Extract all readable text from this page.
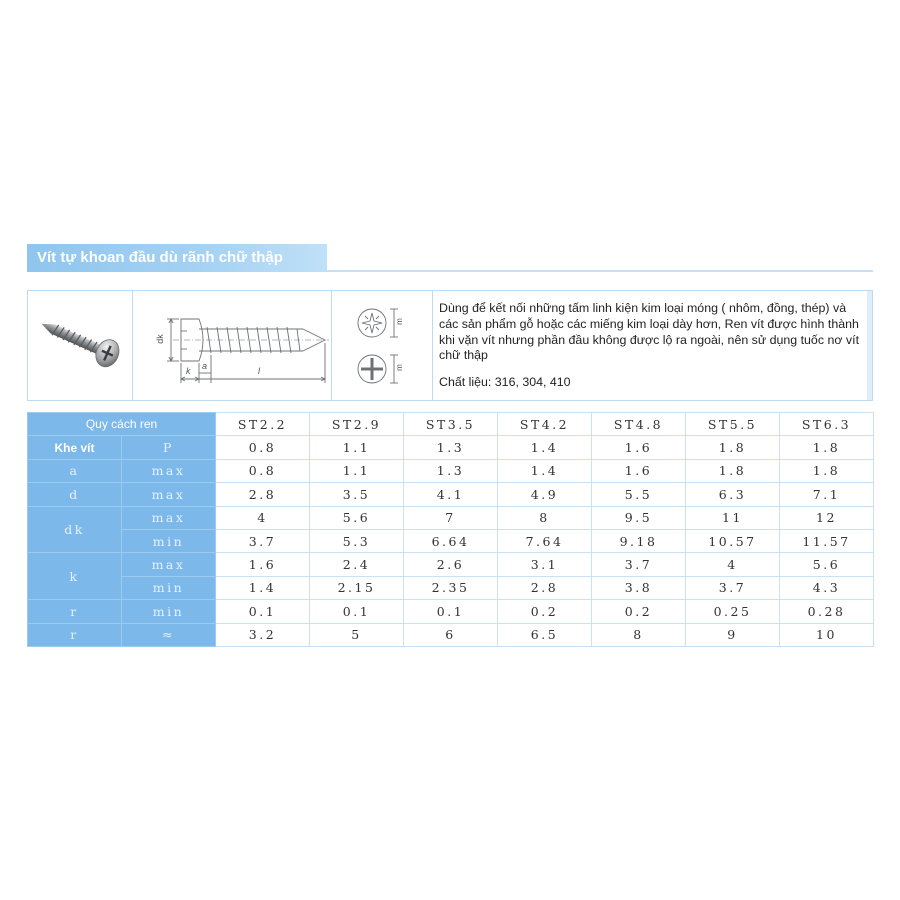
Vít tự khoan đầu dù rãnh chữ thập
dk
k a	l
m
m
Dùng để kết nối những tấm linh kiện kim loại móng ( nhôm, đồng, thép) và các sản phẩm gỗ hoặc các miếng kim loại dày hơn, Ren vít được hình thành khi vặn vít nhưng phần đầu không được lộ ra ngoài, nên sử dụng tuốc nơ vít chữ thập
Chất liệu: 316, 304, 410
Quy cách ren		ST2.2	ST2.9	ST3.5	ST4.2	ST4.8	ST5.5	ST6.3
Khe vít	P	0.8	1.1	1.3	1.4	1.6	1.8	1.8
a	max	0.8	1.1	1.3	1.4	1.6	1.8	1.8
d	max	2.8	3.5	4.1	4.9	5.5	6.3	7.1
dk	max	4	5.6	7	8	9.5	11	12
	min	3.7	5.3	6.64	7.64	9.18	10.57	11.57
k	max	1.6	2.4	2.6	3.1	3.7	4	5.6
	min	1.4	2.15	2.35	2.8	3.8	3.7	4.3
r	min	0.1	0.1	0.1	0.2	0.2	0.25	0.28
r	≈	3.2	5	6	6.5	8	9	10
